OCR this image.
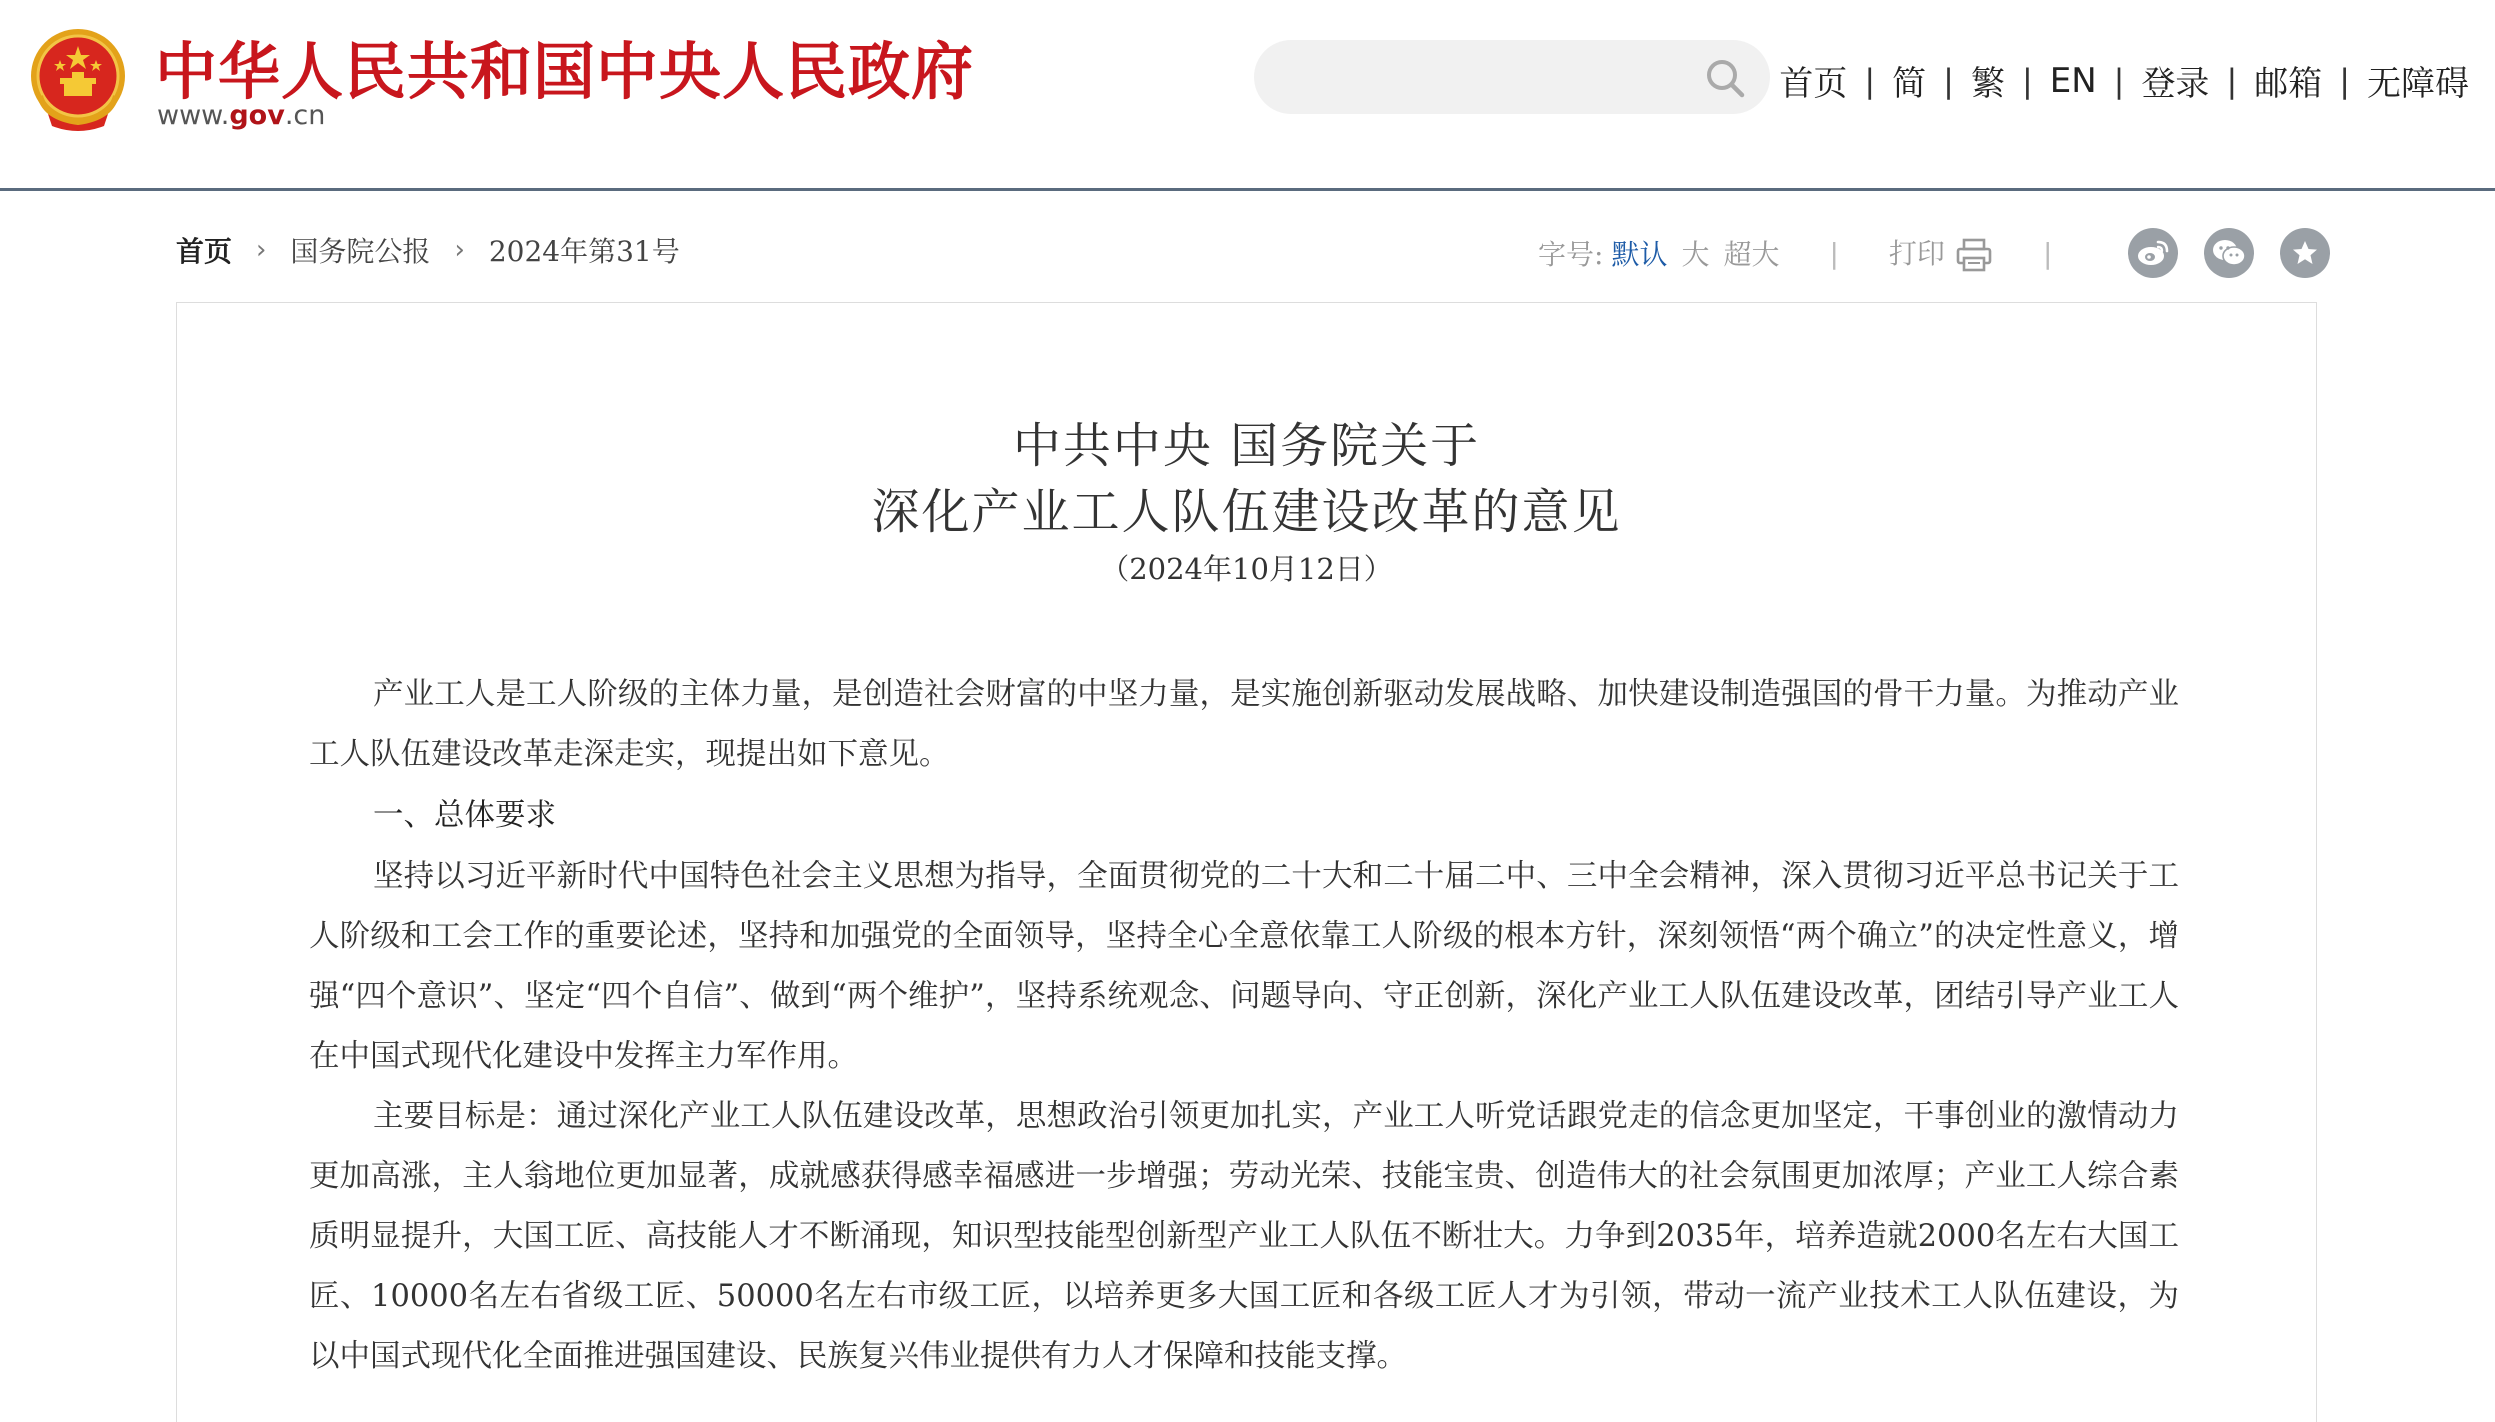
中华人民共和国中央人民政府
www.gov.cn
首页 | 简 | 繁 | EN | 登录 | 邮箱 | 无障碍
首页 › 国务院公报 › 2024年第31号	字号: 默认 大 超大 | 打印	|
中共中央 国务院关于
深化产业工人队伍建设改革的意见
（2024年10月12日）

产业工人是工人阶级的主体力量，是创造社会财富的中坚力量，是实施创新驱动发展战略、加快建设制造强国的骨干力量。为推动产业工人队伍建设改革走深走实，现提出如下意见。

一、总体要求

坚持以习近平新时代中国特色社会主义思想为指导，全面贯彻党的二十大和二十届二中、三中全会精神，深入贯彻习近平总书记关于工人阶级和工会工作的重要论述，坚持和加强党的全面领导，坚持全心全意依靠工人阶级的根本方针，深刻领悟“两个确立”的决定性意义，增强“四个意识”、坚定“四个自信”、做到“两个维护”，坚持系统观念、问题导向、守正创新，深化产业工人队伍建设改革，团结引导产业工人在中国式现代化建设中发挥主力军作用。

主要目标是：通过深化产业工人队伍建设改革，思想政治引领更加扎实，产业工人听党话跟党走的信念更加坚定，干事创业的激情动力更加高涨，主人翁地位更加显著，成就感获得感幸福感进一步增强；劳动光荣、技能宝贵、创造伟大的社会氛围更加浓厚；产业工人综合素质明显提升，大国工匠、高技能人才不断涌现，知识型技能型创新型产业工人队伍不断壮大。力争到2035年，培养造就2000名左右大国工匠、10000名左右省级工匠、50000名左右市级工匠，以培养更多大国工匠和各级工匠人才为引领，带动一流产业技术工人队伍建设，为以中国式现代化全面推进强国建设、民族复兴伟业提供有力人才保障和技能支撑。
